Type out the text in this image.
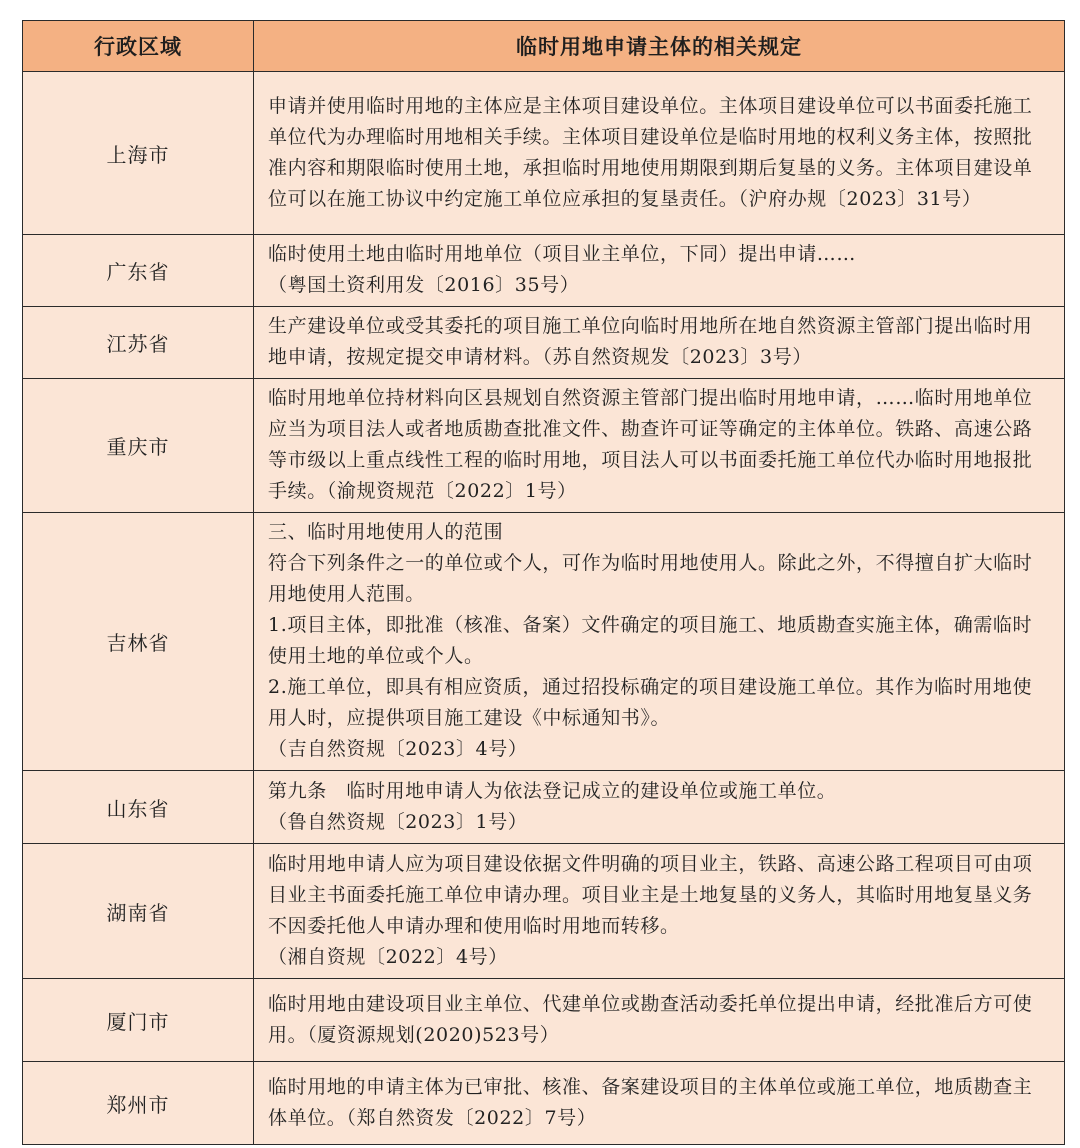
行政区域	临时用地申请主体的相关规定
上海市	申请并使用临时用地的主体应是主体项目建设单位。主体项目建设单位可以书面委托施工单位代为办理临时用地相关手续。主体项目建设单位是临时用地的权利义务主体，按照批准内容和期限临时使用土地，承担临时用地使用期限到期后复垦的义务。主体项目建设单位可以在施工协议中约定施工单位应承担的复垦责任。（沪府办规〔2023〕31号）

广东省	临时使用土地由临时用地单位（项目业主单位，下同）提出申请……

（粤国土资利用发〔2016〕35号）

江苏省	生产建设单位或受其委托的项目施工单位向临时用地所在地自然资源主管部门提出临时用地申请，按规定提交申请材料。（苏自然资规发〔2023〕3号）

重庆市	临时用地单位持材料向区县规划自然资源主管部门提出临时用地申请，……临时用地单位应当为项目法人或者地质勘查批准文件、勘查许可证等确定的主体单位。铁路、高速公路等市级以上重点线性工程的临时用地，项目法人可以书面委托施工单位代办临时用地报批手续。（渝规资规范〔2022〕1号）

吉林省	三、临时用地使用人的范围

符合下列条件之一的单位或个人，可作为临时用地使用人。除此之外，不得擅自扩大临时用地使用人范围。

1.项目主体，即批准（核准、备案）文件确定的项目施工、地质勘查实施主体，确需临时使用土地的单位或个人。

2.施工单位，即具有相应资质，通过招投标确定的项目建设施工单位。其作为临时用地使用人时，应提供项目施工建设《中标通知书》。

（吉自然资规〔2023〕4号）

山东省	第九条　临时用地申请人为依法登记成立的建设单位或施工单位。

（鲁自然资规〔2023〕1号）

湖南省	临时用地申请人应为项目建设依据文件明确的项目业主，铁路、高速公路工程项目可由项目业主书面委托施工单位申请办理。项目业主是土地复垦的义务人，其临时用地复垦义务不因委托他人申请办理和使用临时用地而转移。

（湘自资规〔2022〕4号）

厦门市	临时用地由建设项目业主单位、代建单位或勘查活动委托单位提出申请，经批准后方可使用。（厦资源规划(2020)523号）

郑州市	临时用地的申请主体为已审批、核准、备案建设项目的主体单位或施工单位，地质勘查主体单位。（郑自然资发〔2022〕7号）
